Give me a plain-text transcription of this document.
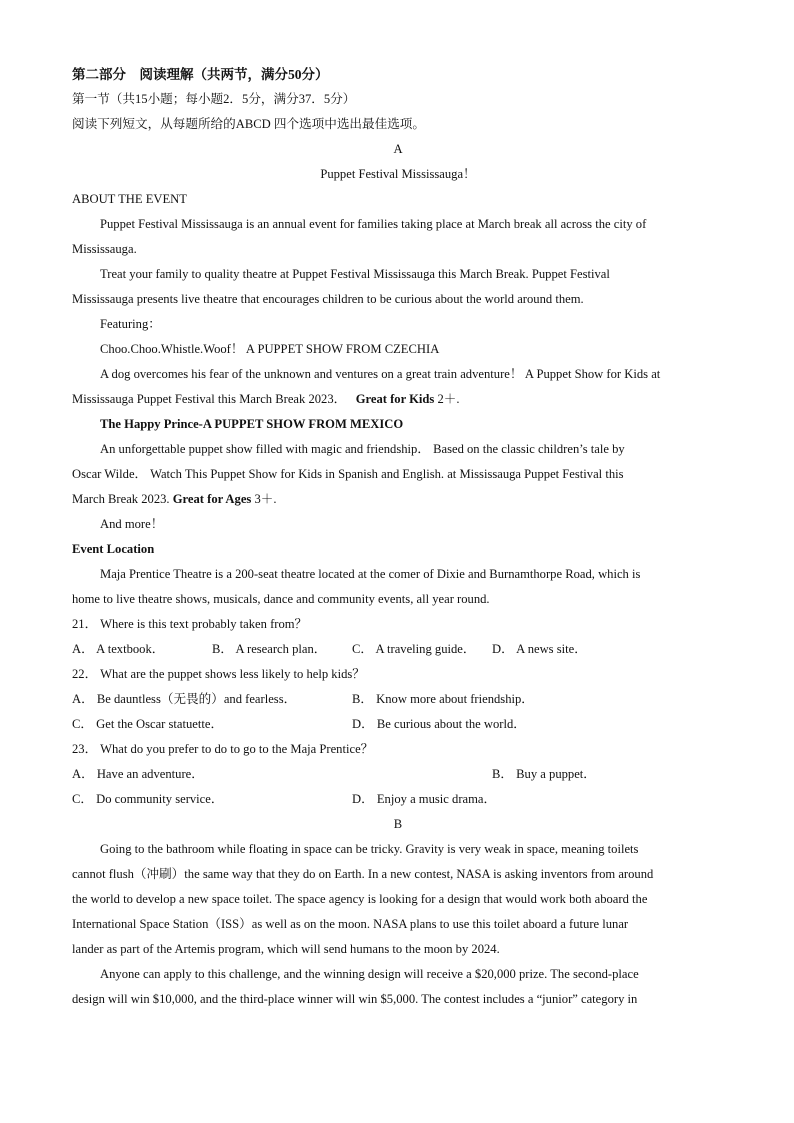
第二部分　阅读理解（共两节，满分50分）

第一节（共15小题；每小题2．5分，满分37．5分）

阅读下列短文，从每题所给的ABCD 四个选项中选出最佳选项。

A

Puppet Festival Mississauga！

ABOUT THE EVENT

Puppet Festival Mississauga is an annual event for families taking place at March break all across the city of

Mississauga.

Treat your family to quality theatre at Puppet Festival Mississauga this March Break. Puppet Festival

Mississauga presents live theatre that encourages children to be curious about the world around them.

Featuring：

Choo.Choo.Whistle.Woof！ A PUPPET SHOW FROM CZECHIA

A dog overcomes his fear of the unknown and ventures on a great train adventure！ A Puppet Show for Kids at

Mississauga Puppet Festival this March Break 2023． Great for Kids 2＋.

The Happy Prince-A PUPPET SHOW FROM MEXICO

An unforgettable puppet show filled with magic and friendship． Based on the classic children’s tale by

Oscar Wilde． Watch This Puppet Show for Kids in Spanish and English. at Mississauga Puppet Festival this

March Break 2023. Great for Ages 3＋.

And more！

Event Location

Maja Prentice Theatre is a 200-seat theatre located at the comer of Dixie and Burnamthorpe Road, which is

home to live theatre shows, musicals, dance and community events, all year round.

21． Where is this text probably taken from？

A． A textbook．	B． A research plan． C． A traveling guide． D． A news site．

22． What are the puppet shows less likely to help kids？

A． Be dauntless（无畏的）and fearless．	B． Know more about friendship．
C． Get the Oscar statuette．	D． Be curious about the world．

23． What do you prefer to do to go to the Maja Prentice？

A． Have an adventure．	B． Buy a puppet．
C． Do community service．	D． Enjoy a music drama．

B

Going to the bathroom while floating in space can be tricky. Gravity is very weak in space, meaning toilets

cannot flush（冲刷）the same way that they do on Earth. In a new contest, NASA is asking inventors from around

the world to develop a new space toilet. The space agency is looking for a design that would work both aboard the

International Space Station（ISS）as well as on the moon. NASA plans to use this toilet aboard a future lunar

lander as part of the Artemis program, which will send humans to the moon by 2024.

Anyone can apply to this challenge, and the winning design will receive a $20,000 prize. The second-place

design will win $10,000, and the third-place winner will win $5,000. The contest includes a “junior” category in
